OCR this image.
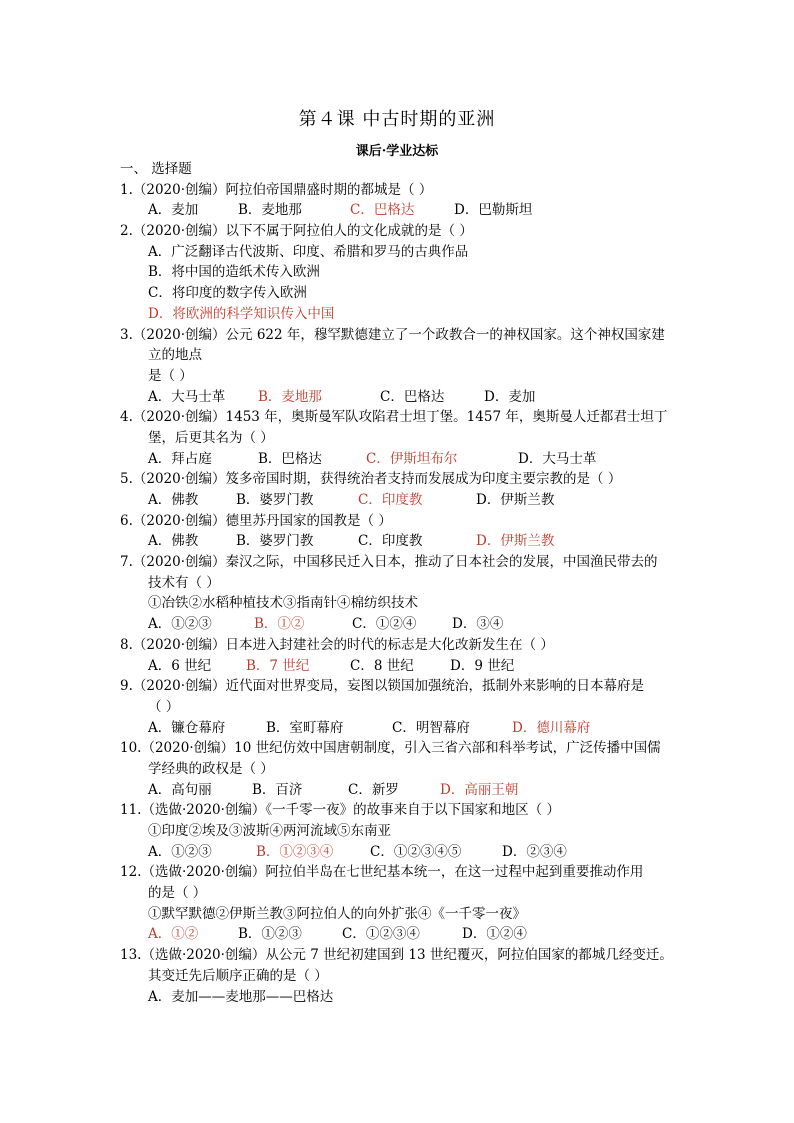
第４课 中古时期的亚洲
课后·学业达标
一、 选择题
1.（2020·创编）阿拉伯帝国鼎盛时期的都城是（ ）
A．麦加	B．麦地那	C．巴格达	D．巴勒斯坦
2.（2020·创编）以下不属于阿拉伯人的文化成就的是（ ）
A．广泛翻译古代波斯、印度、希腊和罗马的古典作品
B．将中国的造纸术传入欧洲
C．将印度的数字传入欧洲
D．将欧洲的科学知识传入中国
3.（2020·创编）公元 622 年，穆罕默德建立了一个政教合一的神权国家。这个神权国家建
立的地点
是（ ）
A．大马士革 B．麦地那	C．巴格达	D．麦加
4.（2020·创编）1453 年，奥斯曼军队攻陷君士坦丁堡。1457 年，奥斯曼人迁都君士坦丁
堡，后更其名为（ ）
A．拜占庭	B．巴格达	C．伊斯坦布尔	D．大马士革
5.（2020·创编）笈多帝国时期，获得统治者支持而发展成为印度主要宗教的是（ ）
A．佛教	B．婆罗门教	C．印度教	D．伊斯兰教
6.（2020·创编）德里苏丹国家的国教是（ ）
A．佛教	B．婆罗门教	C．印度教	D．伊斯兰教
7.（2020·创编）秦汉之际，中国移民迁入日本，推动了日本社会的发展，中国渔民带去的
技术有（ ）
①冶铁②水稻种植技术③指南针④棉纺织技术
A．①②③	B．①②	C．①②④	D．③④
8.（2020·创编）日本进入封建社会的时代的标志是大化改新发生在（ ）
A．6 世纪	B．7 世纪	C．8 世纪	D．9 世纪
9.（2020·创编）近代面对世界变局，妄图以锁国加强统治，抵制外来影响的日本幕府是
（ ）
A．镰仓幕府	B．室町幕府	C．明智幕府	D．德川幕府
10.（2020·创编）10 世纪仿效中国唐朝制度，引入三省六部和科举考试，广泛传播中国儒
学经典的政权是（ ）
A．高句丽	B．百济	C．新罗	D．高丽王朝
11.（选做·2020·创编）《一千零一夜》的故事来自于以下国家和地区（ ）
①印度②埃及③波斯④两河流域⑤东南亚
A．①②③	B．①②③④	C．①②③④⑤	D．②③④
12.（选做·2020·创编）阿拉伯半岛在七世纪基本统一，在这一过程中起到重要推动作用
的是（ ）
①默罕默德②伊斯兰教③阿拉伯人的向外扩张④《一千零一夜》
A．①②	B．①②③	C．①②③④	D．①②④
13.（选做·2020·创编）从公元 7 世纪初建国到 13 世纪覆灭，阿拉伯国家的都城几经变迁。
其变迁先后顺序正确的是（ ）
A．麦加——麦地那——巴格达
